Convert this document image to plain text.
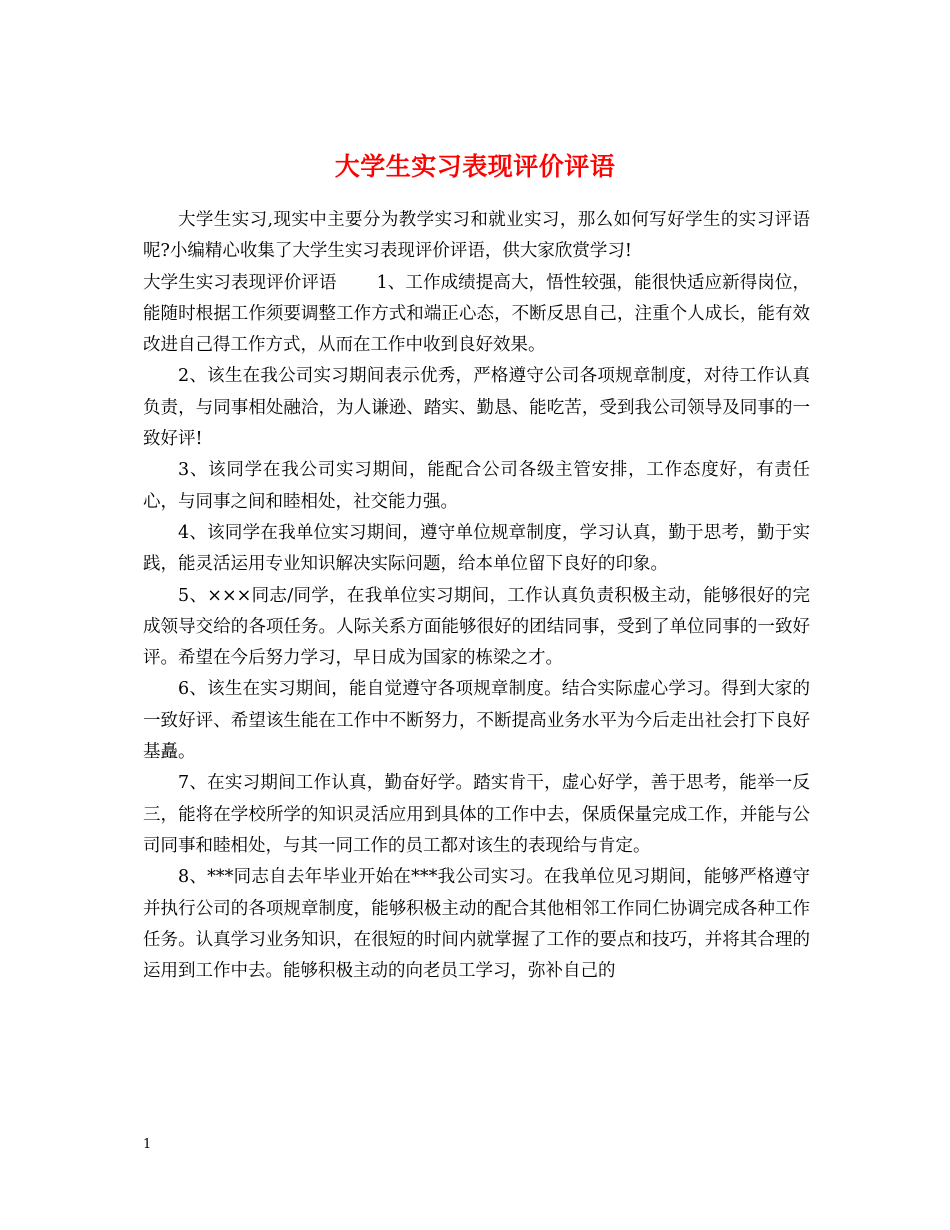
大学生实习表现评价评语

大学生实习,现实中主要分为教学实习和就业实习，那么如何写好学生的实习评语呢?小编精心收集了大学生实习表现评价评语，供大家欣赏学习!

大学生实习表现评价评语 1、工作成绩提高大，悟性较强，能很快适应新得岗位，能随时根据工作须要调整工作方式和端正心态，不断反思自己，注重个人成长，能有效改进自己得工作方式，从而在工作中收到良好效果。

2、该生在我公司实习期间表示优秀，严格遵守公司各项规章制度，对待工作认真负责，与同事相处融洽，为人谦逊、踏实、勤恳、能吃苦，受到我公司领导及同事的一致好评!

3、该同学在我公司实习期间，能配合公司各级主管安排，工作态度好，有责任心，与同事之间和睦相处，社交能力强。

4、该同学在我单位实习期间，遵守单位规章制度，学习认真，勤于思考，勤于实践，能灵活运用专业知识解决实际问题，给本单位留下良好的印象。

5、×××同志/同学，在我单位实习期间，工作认真负责积极主动，能够很好的完成领导交给的各项任务。人际关系方面能够很好的团结同事，受到了单位同事的一致好评。希望在今后努力学习，早日成为国家的栋梁之才。

6、该生在实习期间，能自觉遵守各项规章制度。结合实际虚心学习。得到大家的一致好评、希望该生能在工作中不断努力，不断提高业务水平为今后走出社会打下良好基矗。

7、在实习期间工作认真，勤奋好学。踏实肯干，虚心好学，善于思考，能举一反三，能将在学校所学的知识灵活应用到具体的工作中去，保质保量完成工作，并能与公司同事和睦相处，与其一同工作的员工都对该生的表现给与肯定。

8、***同志自去年毕业开始在***我公司实习。在我单位见习期间，能够严格遵守并执行公司的各项规章制度，能够积极主动的配合其他相邻工作同仁协调完成各种工作任务。认真学习业务知识，在很短的时间内就掌握了工作的要点和技巧，并将其合理的运用到工作中去。能够积极主动的向老员工学习，弥补自己的

1
